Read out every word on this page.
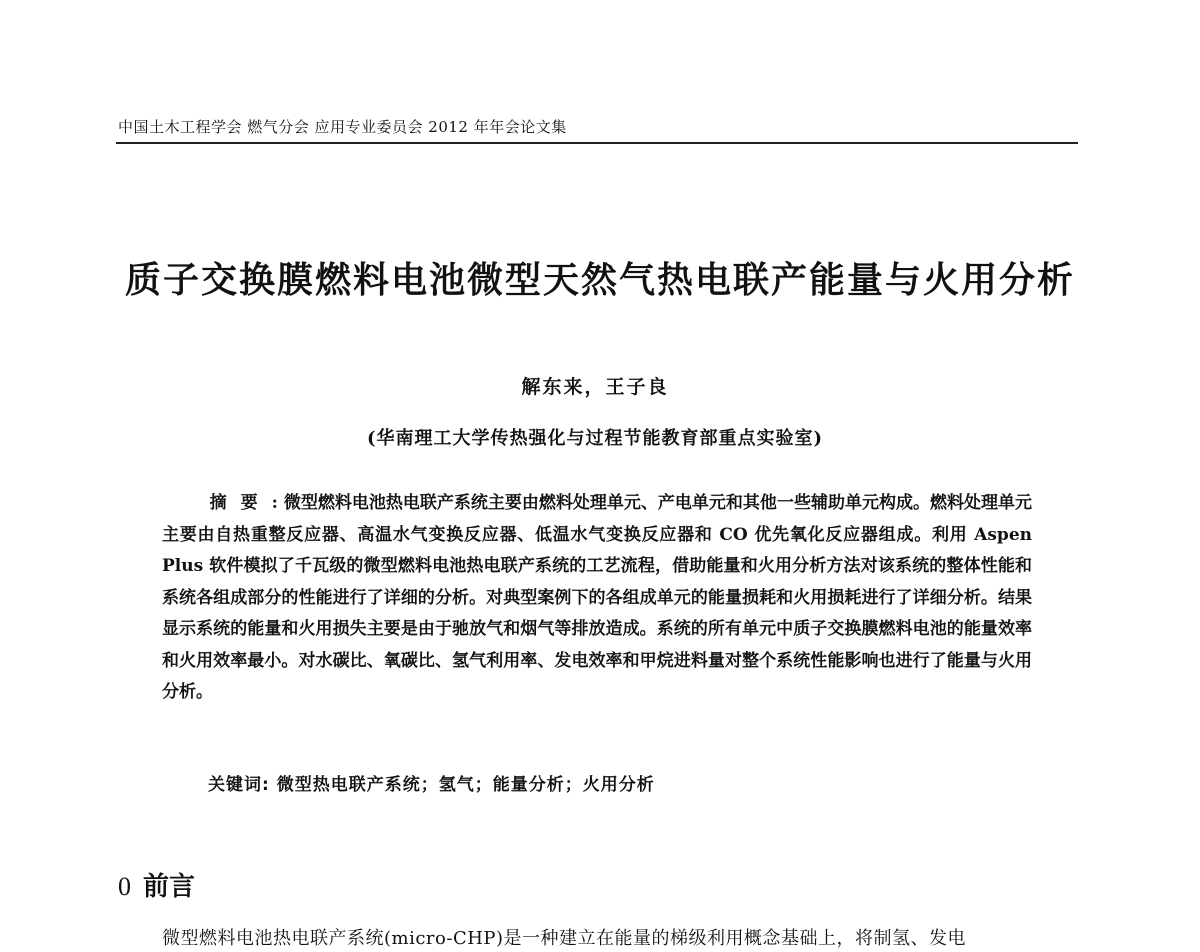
中国土木工程学会 燃气分会 应用专业委员会 2012 年年会论文集
质子交换膜燃料电池微型天然气热电联产能量与火用分析
解东来，王子良
(华南理工大学传热强化与过程节能教育部重点实验室)
摘要: 微型燃料电池热电联产系统主要由燃料处理单元、产电单元和其他一些辅助单元构成。燃料处理单元主要由自热重整反应器、高温水气变换反应器、低温水气变换反应器和 CO 优先氧化反应器组成。利用 Aspen Plus 软件模拟了千瓦级的微型燃料电池热电联产系统的工艺流程，借助能量和火用分析方法对该系统的整体性能和系统各组成部分的性能进行了详细的分析。对典型案例下的各组成单元的能量损耗和火用损耗进行了详细分析。结果显示系统的能量和火用损失主要是由于驰放气和烟气等排放造成。系统的所有单元中质子交换膜燃料电池的能量效率和火用效率最小。对水碳比、氧碳比、氢气利用率、发电效率和甲烷进料量对整个系统性能影响也进行了能量与火用分析。
关键词: 微型热电联产系统；氢气；能量分析；火用分析
0 前言
微型燃料电池热电联产系统(micro-CHP)是一种建立在能量的梯级利用概念基础上，将制氢、发电
